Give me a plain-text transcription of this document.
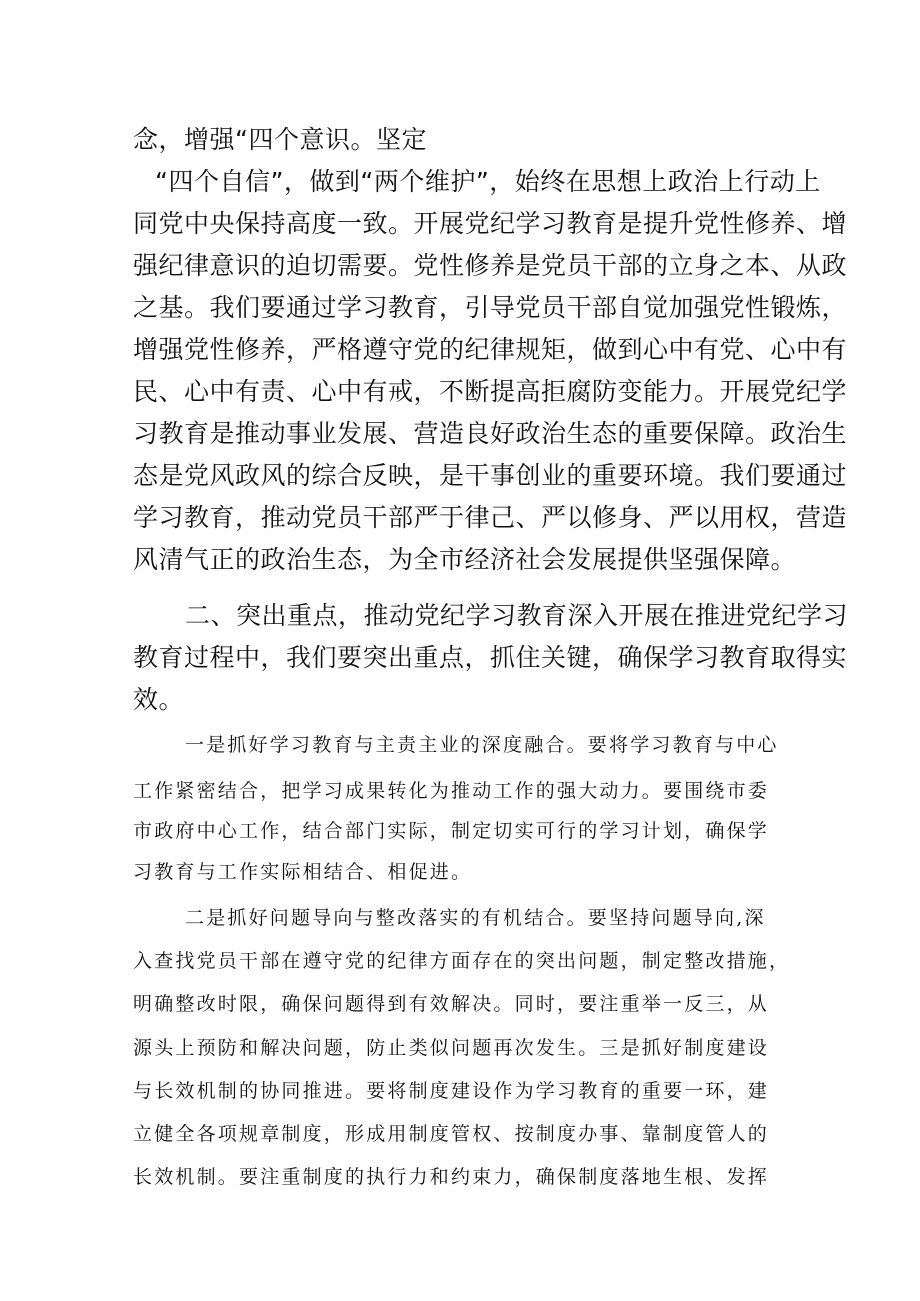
念，增强“四个意识。坚定

“四个自信”，做到“两个维护”，始终在思想上政治上行动上

同党中央保持高度一致。开展党纪学习教育是提升党性修养、增

强纪律意识的迫切需要。党性修养是党员干部的立身之本、从政

之基。我们要通过学习教育，引导党员干部自觉加强党性锻炼，

增强党性修养，严格遵守党的纪律规矩，做到心中有党、心中有

民、心中有责、心中有戒，不断提高拒腐防变能力。开展党纪学

习教育是推动事业发展、营造良好政治生态的重要保障。政治生

态是党风政风的综合反映，是干事创业的重要环境。我们要通过

学习教育，推动党员干部严于律己、严以修身、严以用权，营造

风清气正的政治生态，为全市经济社会发展提供坚强保障。

二、突出重点，推动党纪学习教育深入开展在推进党纪学习

教育过程中，我们要突出重点，抓住关键，确保学习教育取得实

效。

一是抓好学习教育与主责主业的深度融合。要将学习教育与中心

工作紧密结合，把学习成果转化为推动工作的强大动力。要围绕市委

市政府中心工作，结合部门实际，制定切实可行的学习计划，确保学

习教育与工作实际相结合、相促进。

二是抓好问题导向与整改落实的有机结合。要坚持问题导向,深

入查找党员干部在遵守党的纪律方面存在的突出问题，制定整改措施，

明确整改时限，确保问题得到有效解决。同时，要注重举一反三，从

源头上预防和解决问题，防止类似问题再次发生。三是抓好制度建设

与长效机制的协同推进。要将制度建设作为学习教育的重要一环，建

立健全各项规章制度，形成用制度管权、按制度办事、靠制度管人的

长效机制。要注重制度的执行力和约束力，确保制度落地生根、发挥
